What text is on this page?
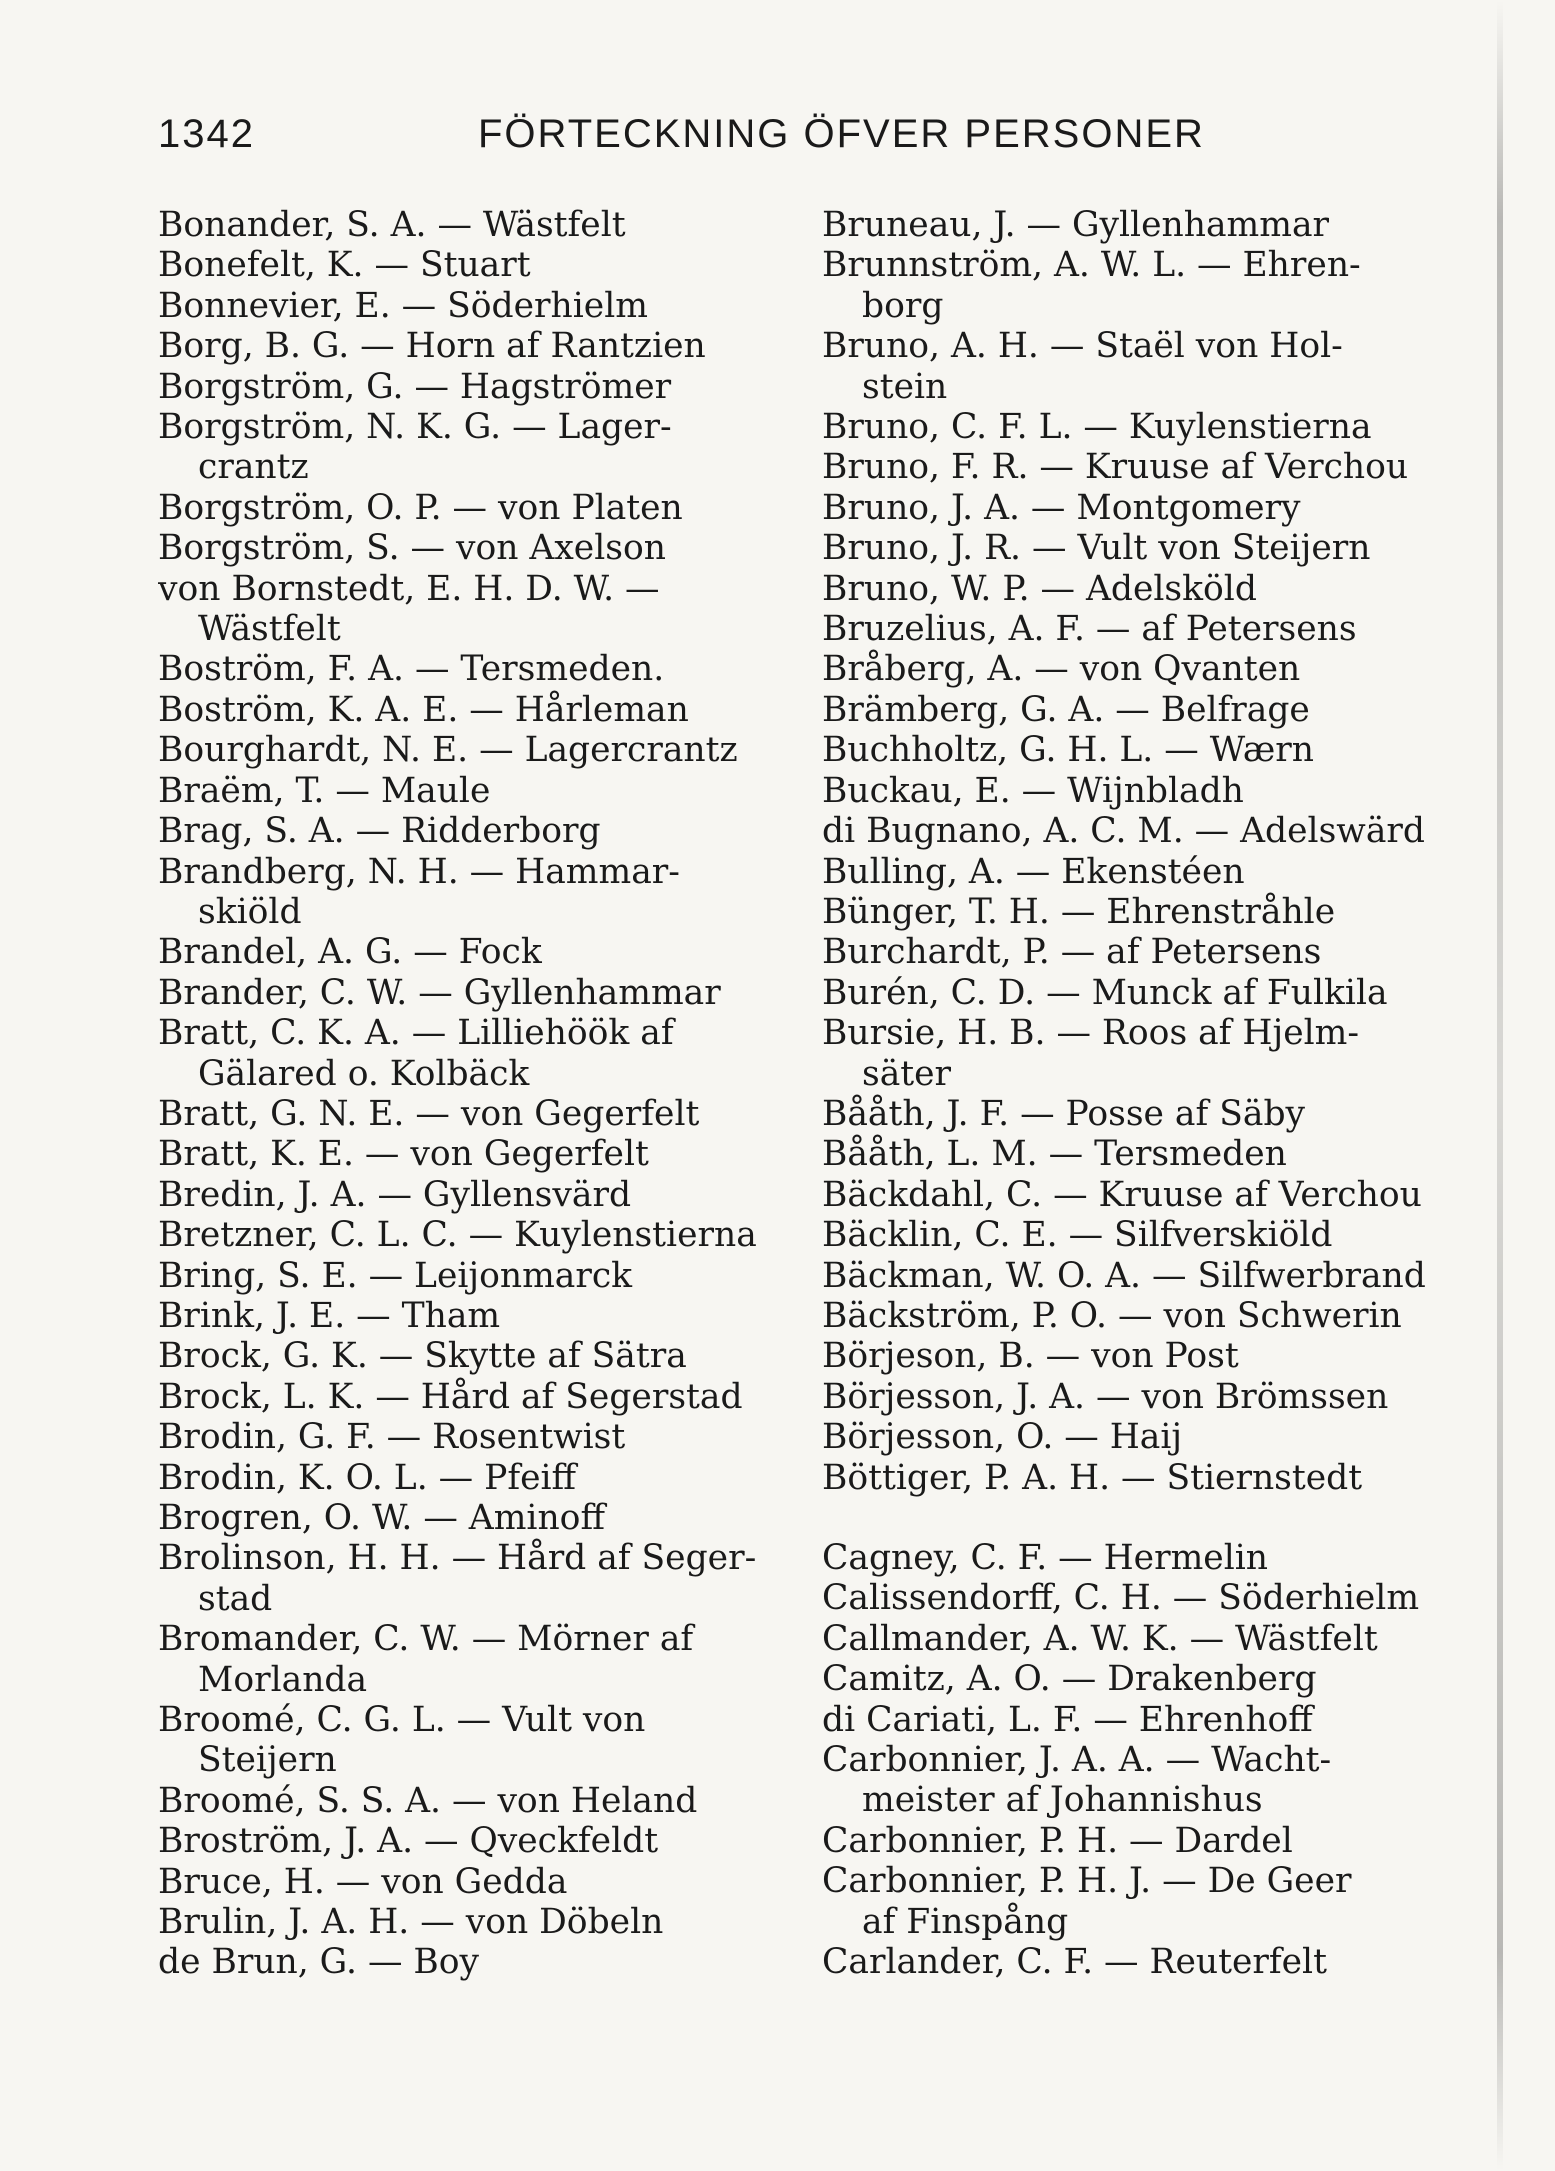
1342	FÖRTECKNING ÖFVER PERSONER
Bonander, S. A. — Wästfelt
Bonefelt, K. — Stuart
Bonnevier, E. — Söderhielm
Borg, B. G. — Horn af Rantzien
Borgström, G. — Hagströmer
Borgström, N. K. G. — Lager-
crantz
Borgström, O. P. — von Platen
Borgström, S. — von Axelson
von Bornstedt, E. H. D. W. —
Wästfelt
Boström, F. A. — Tersmeden.
Boström, K. A. E. — Hårleman
Bourghardt, N. E. — Lagercrantz
Braëm, T. — Maule
Brag, S. A. — Ridderborg
Brandberg, N. H. — Hammar-
skiöld
Brandel, A. G. — Fock
Brander, C. W. — Gyllenhammar
Bratt, C. K. A. — Lilliehöök af
Gälared o. Kolbäck
Bratt, G. N. E. — von Gegerfelt
Bratt, K. E. — von Gegerfelt
Bredin, J. A. — Gyllensvärd
Bretzner, C. L. C. — Kuylenstierna
Bring, S. E. — Leijonmarck
Brink, J. E. — Tham
Brock, G. K. — Skytte af Sätra
Brock, L. K. — Hård af Segerstad
Brodin, G. F. — Rosentwist
Brodin, K. O. L. — Pfeiff
Brogren, O. W. — Aminoff
Brolinson, H. H. — Hård af Seger-
stad
Bromander, C. W. — Mörner af
Morlanda
Broomé, C. G. L. — Vult von
Steijern
Broomé, S. S. A. — von Heland
Broström, J. A. — Qveckfeldt
Bruce, H. — von Gedda
Brulin, J. A. H. — von Döbeln
de Brun, G. — Boy
Bruneau, J. — Gyllenhammar
Brunnström, A. W. L. — Ehren-
borg
Bruno, A. H. — Staël von Hol-
stein
Bruno, C. F. L. — Kuylenstierna
Bruno, F. R. — Kruuse af Verchou
Bruno, J. A. — Montgomery
Bruno, J. R. — Vult von Steijern
Bruno, W. P. — Adelsköld
Bruzelius, A. F. — af Petersens
Bråberg, A. — von Qvanten
Brämberg, G. A. — Belfrage
Buchholtz, G. H. L. — Wærn
Buckau, E. — Wijnbladh
di Bugnano, A. C. M. — Adelswärd
Bulling, A. — Ekenstéen
Bünger, T. H. — Ehrenstråhle
Burchardt, P. — af Petersens
Burén, C. D. — Munck af Fulkila
Bursie, H. B. — Roos af Hjelm-
säter
Bååth, J. F. — Posse af Säby
Bååth, L. M. — Tersmeden
Bäckdahl, C. — Kruuse af Verchou
Bäcklin, C. E. — Silfverskiöld
Bäckman, W. O. A. — Silfwerbrand
Bäckström, P. O. — von Schwerin
Börjeson, B. — von Post
Börjesson, J. A. — von Brömssen
Börjesson, O. — Haij
Böttiger, P. A. H. — Stiernstedt
Cagney, C. F. — Hermelin
Calissendorff, C. H. — Söderhielm
Callmander, A. W. K. — Wästfelt
Camitz, A. O. — Drakenberg
di Cariati, L. F. — Ehrenhoff
Carbonnier, J. A. A. — Wacht-
meister af Johannishus
Carbonnier, P. H. — Dardel
Carbonnier, P. H. J. — De Geer
af Finspång
Carlander, C. F. — Reuterfelt
